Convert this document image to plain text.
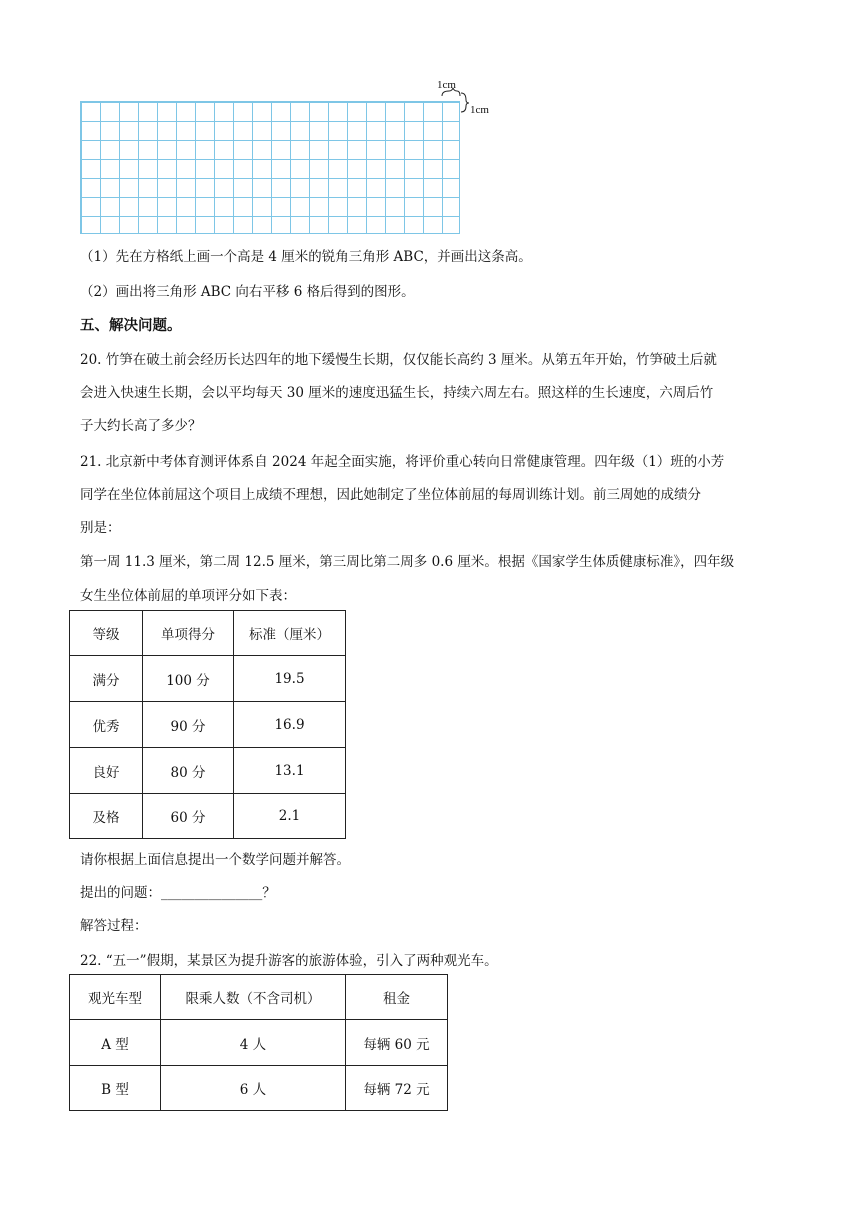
1cm
1cm
（1）先在方格纸上画一个高是 4 厘米的锐角三角形 ABC，并画出这条高。
（2）画出将三角形 ABC 向右平移 6 格后得到的图形。
五、解决问题。
20. 竹笋在破土前会经历长达四年的地下缓慢生长期，仅仅能长高约 3 厘米。从第五年开始，竹笋破土后就
会进入快速生长期，会以平均每天 30 厘米的速度迅猛生长，持续六周左右。照这样的生长速度，六周后竹
子大约长高了多少？
21. 北京新中考体育测评体系自 2024 年起全面实施，将评价重心转向日常健康管理。四年级（1）班的小芳
同学在坐位体前屈这个项目上成绩不理想，因此她制定了坐位体前屈的每周训练计划。前三周她的成绩分
别是：
第一周 11.3 厘米，第二周 12.5 厘米，第三周比第二周多 0.6 厘米。根据《国家学生体质健康标准》，四年级
女生坐位体前屈的单项评分如下表：
等级	单项得分	标准（厘米）
满分	100 分	19.5
优秀	90 分	16.9
良好	80 分	13.1
及格	60 分	2.1
请你根据上面信息提出一个数学问题并解答。
提出的问题：_______________？
解答过程：
22. “五一”假期，某景区为提升游客的旅游体验，引入了两种观光车。
观光车型	限乘人数（不含司机）	租金
A 型	4 人	每辆 60 元
B 型	6 人	每辆 72 元
